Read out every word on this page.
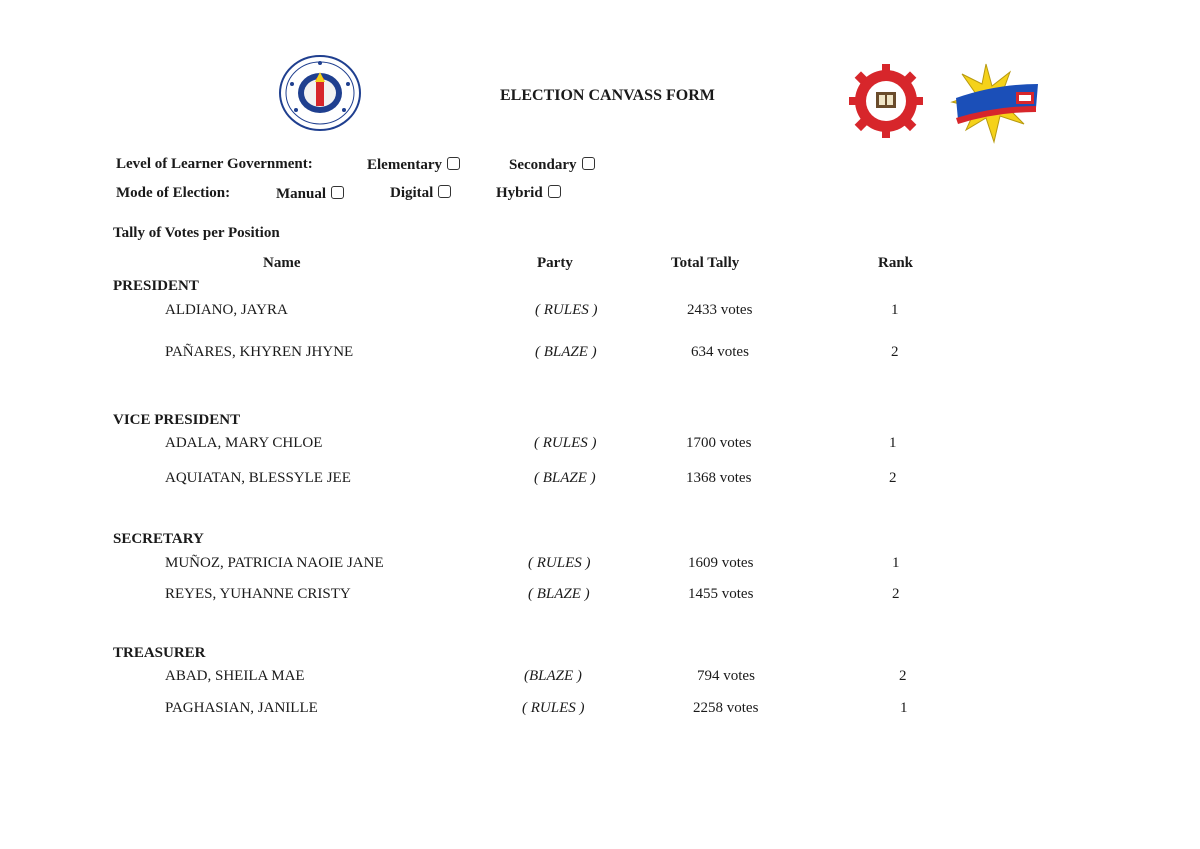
ELECTION CANVASS FORM
Level of Learner Government:	Elementary	Secondary
Mode of Election:	Manual	Digital	Hybrid
Tally of Votes per Position
Name	Party	Total Tally	Rank
PRESIDENT
ALDIANO, JAYRA	( RULES )	2433 votes	1
PAÑARES, KHYREN JHYNE	( BLAZE )	634 votes	2
VICE PRESIDENT
ADALA, MARY CHLOE	( RULES )	1700 votes	1
AQUIATAN, BLESSYLE JEE	( BLAZE )	1368 votes	2
SECRETARY
MUÑOZ, PATRICIA NAOIE JANE	( RULES )	1609 votes	1
REYES, YUHANNE CRISTY	( BLAZE )	1455 votes	2
TREASURER
ABAD, SHEILA MAE	(BLAZE )	794 votes	2
PAGHASIAN, JANILLE	( RULES )	2258 votes	1
